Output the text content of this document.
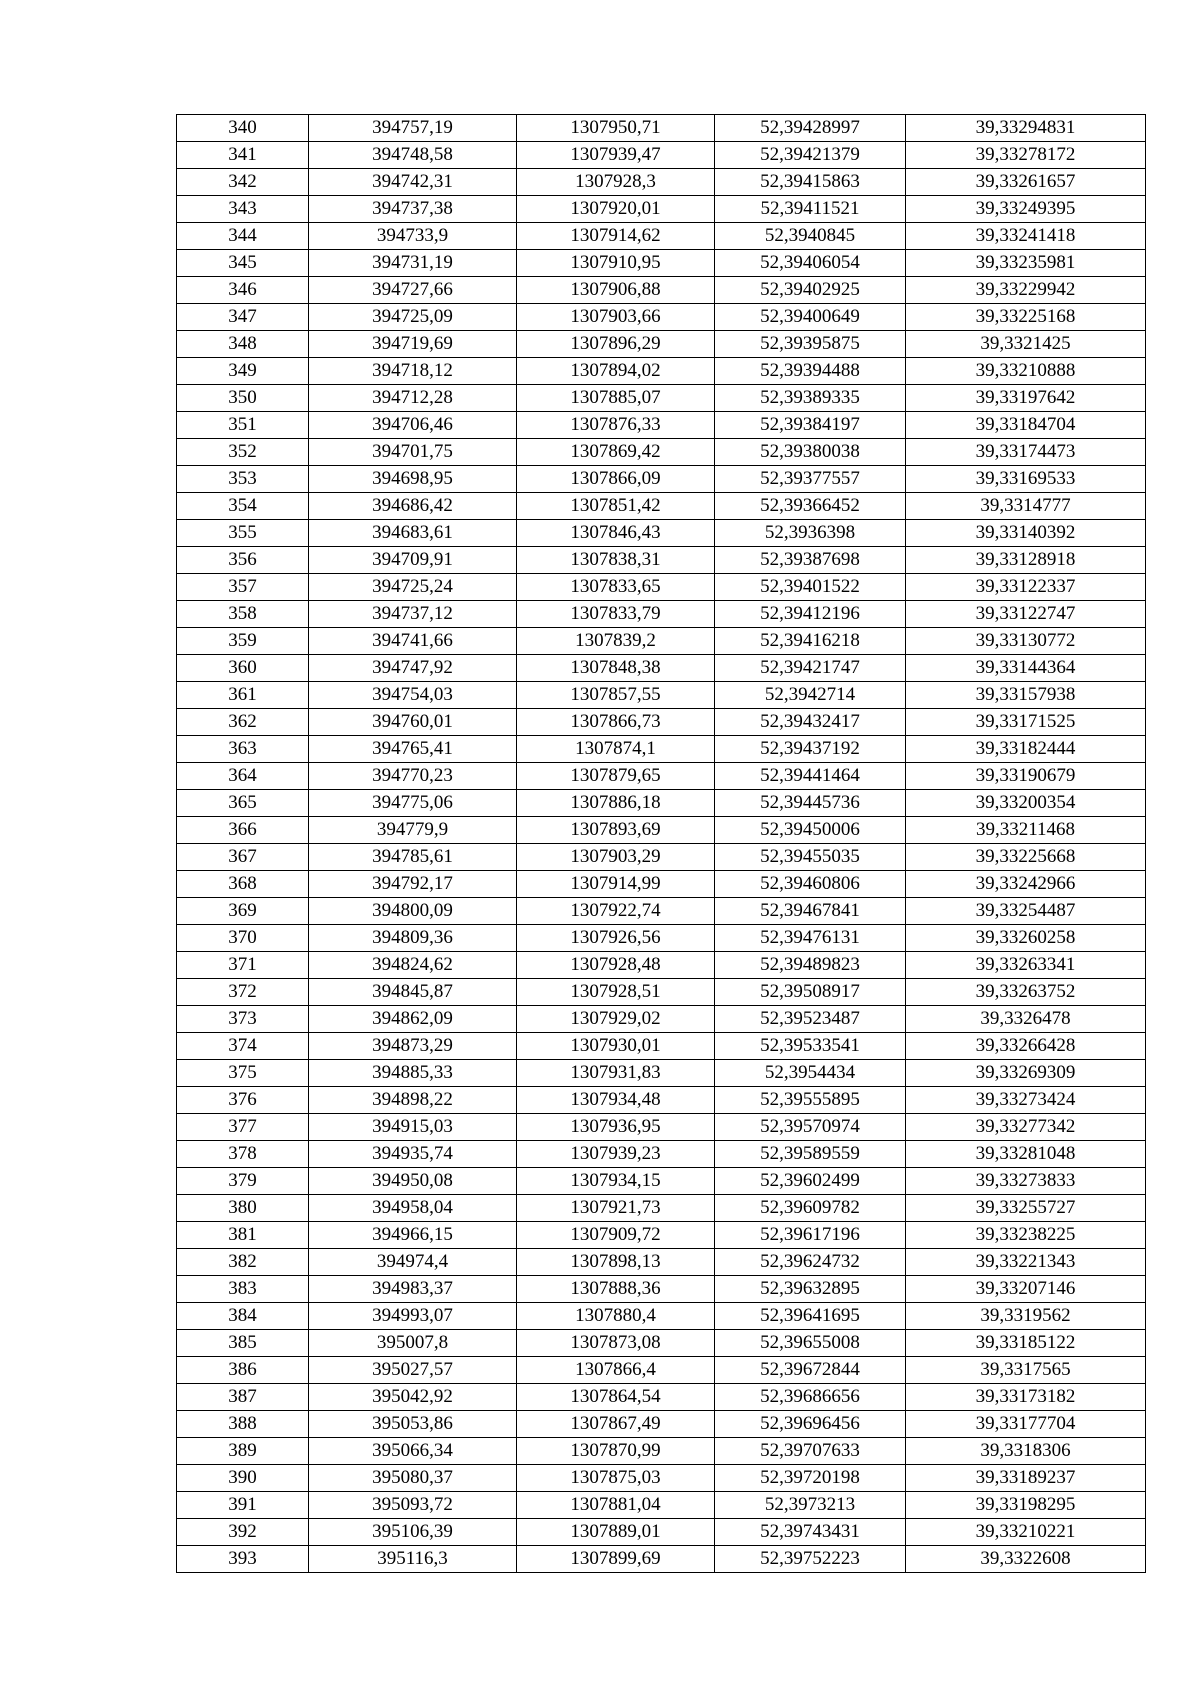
340	394757,19	1307950,71	52,39428997	39,33294831
341	394748,58	1307939,47	52,39421379	39,33278172
342	394742,31	1307928,3	52,39415863	39,33261657
343	394737,38	1307920,01	52,39411521	39,33249395
344	394733,9	1307914,62	52,3940845	39,33241418
345	394731,19	1307910,95	52,39406054	39,33235981
346	394727,66	1307906,88	52,39402925	39,33229942
347	394725,09	1307903,66	52,39400649	39,33225168
348	394719,69	1307896,29	52,39395875	39,3321425
349	394718,12	1307894,02	52,39394488	39,33210888
350	394712,28	1307885,07	52,39389335	39,33197642
351	394706,46	1307876,33	52,39384197	39,33184704
352	394701,75	1307869,42	52,39380038	39,33174473
353	394698,95	1307866,09	52,39377557	39,33169533
354	394686,42	1307851,42	52,39366452	39,3314777
355	394683,61	1307846,43	52,3936398	39,33140392
356	394709,91	1307838,31	52,39387698	39,33128918
357	394725,24	1307833,65	52,39401522	39,33122337
358	394737,12	1307833,79	52,39412196	39,33122747
359	394741,66	1307839,2	52,39416218	39,33130772
360	394747,92	1307848,38	52,39421747	39,33144364
361	394754,03	1307857,55	52,3942714	39,33157938
362	394760,01	1307866,73	52,39432417	39,33171525
363	394765,41	1307874,1	52,39437192	39,33182444
364	394770,23	1307879,65	52,39441464	39,33190679
365	394775,06	1307886,18	52,39445736	39,33200354
366	394779,9	1307893,69	52,39450006	39,33211468
367	394785,61	1307903,29	52,39455035	39,33225668
368	394792,17	1307914,99	52,39460806	39,33242966
369	394800,09	1307922,74	52,39467841	39,33254487
370	394809,36	1307926,56	52,39476131	39,33260258
371	394824,62	1307928,48	52,39489823	39,33263341
372	394845,87	1307928,51	52,39508917	39,33263752
373	394862,09	1307929,02	52,39523487	39,3326478
374	394873,29	1307930,01	52,39533541	39,33266428
375	394885,33	1307931,83	52,3954434	39,33269309
376	394898,22	1307934,48	52,39555895	39,33273424
377	394915,03	1307936,95	52,39570974	39,33277342
378	394935,74	1307939,23	52,39589559	39,33281048
379	394950,08	1307934,15	52,39602499	39,33273833
380	394958,04	1307921,73	52,39609782	39,33255727
381	394966,15	1307909,72	52,39617196	39,33238225
382	394974,4	1307898,13	52,39624732	39,33221343
383	394983,37	1307888,36	52,39632895	39,33207146
384	394993,07	1307880,4	52,39641695	39,3319562
385	395007,8	1307873,08	52,39655008	39,33185122
386	395027,57	1307866,4	52,39672844	39,3317565
387	395042,92	1307864,54	52,39686656	39,33173182
388	395053,86	1307867,49	52,39696456	39,33177704
389	395066,34	1307870,99	52,39707633	39,3318306
390	395080,37	1307875,03	52,39720198	39,33189237
391	395093,72	1307881,04	52,3973213	39,33198295
392	395106,39	1307889,01	52,39743431	39,33210221
393	395116,3	1307899,69	52,39752223	39,3322608
